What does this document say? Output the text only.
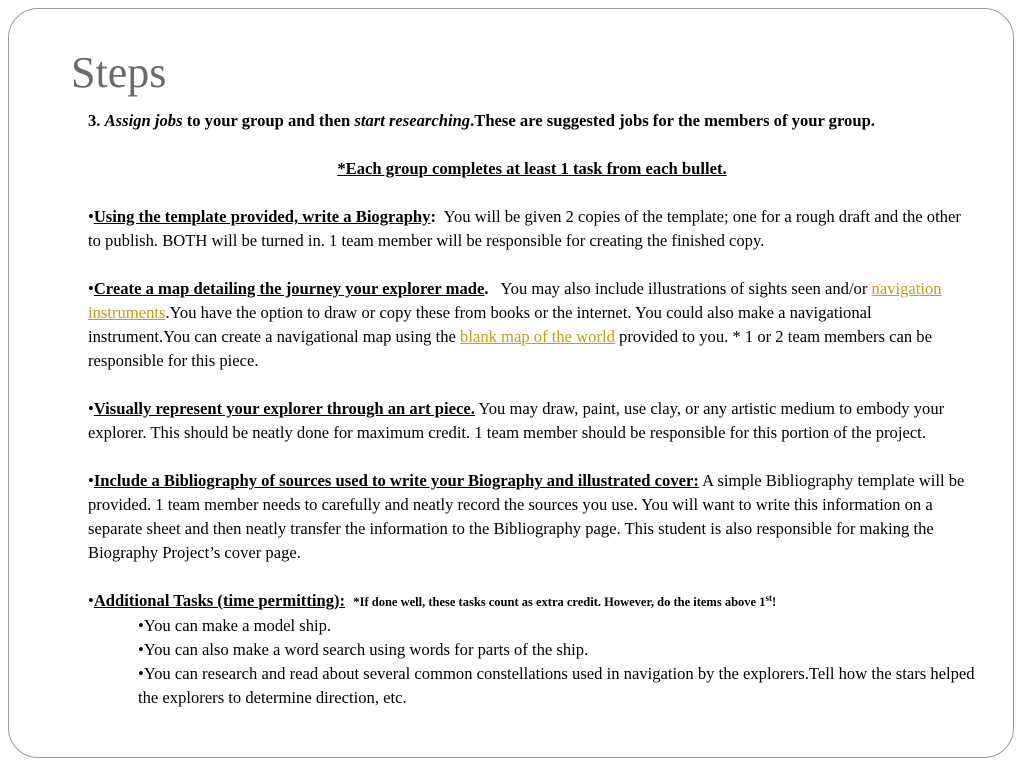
Steps

3. Assign jobs to your group and then start researching.These are suggested jobs for the members of your group.

*Each group completes at least 1 task from each bullet.

•Using the template provided, write a Biography: You will be given 2 copies of the template; one for a rough draft and the other to publish. BOTH will be turned in. 1 team member will be responsible for creating the finished copy.

•Create a map detailing the journey your explorer made. You may also include illustrations of sights seen and/or navigation instruments.You have the option to draw or copy these from books or the internet. You could also make a navigational instrument.You can create a navigational map using the blank map of the world provided to you. * 1 or 2 team members can be responsible for this piece.

•Visually represent your explorer through an art piece. You may draw, paint, use clay, or any artistic medium to embody your explorer. This should be neatly done for maximum credit. 1 team member should be responsible for this portion of the project.

•Include a Bibliography of sources used to write your Biography and illustrated cover: A simple Bibliography template will be provided. 1 team member needs to carefully and neatly record the sources you use. You will want to write this information on a separate sheet and then neatly transfer the information to the Bibliography page. This student is also responsible for making the Biography Project’s cover page.

•Additional Tasks (time permitting): *If done well, these tasks count as extra credit. However, do the items above 1st!

•You can make a model ship.

•You can also make a word search using words for parts of the ship.

•You can research and read about several common constellations used in navigation by the explorers.Tell how the stars helped the explorers to determine direction, etc.
